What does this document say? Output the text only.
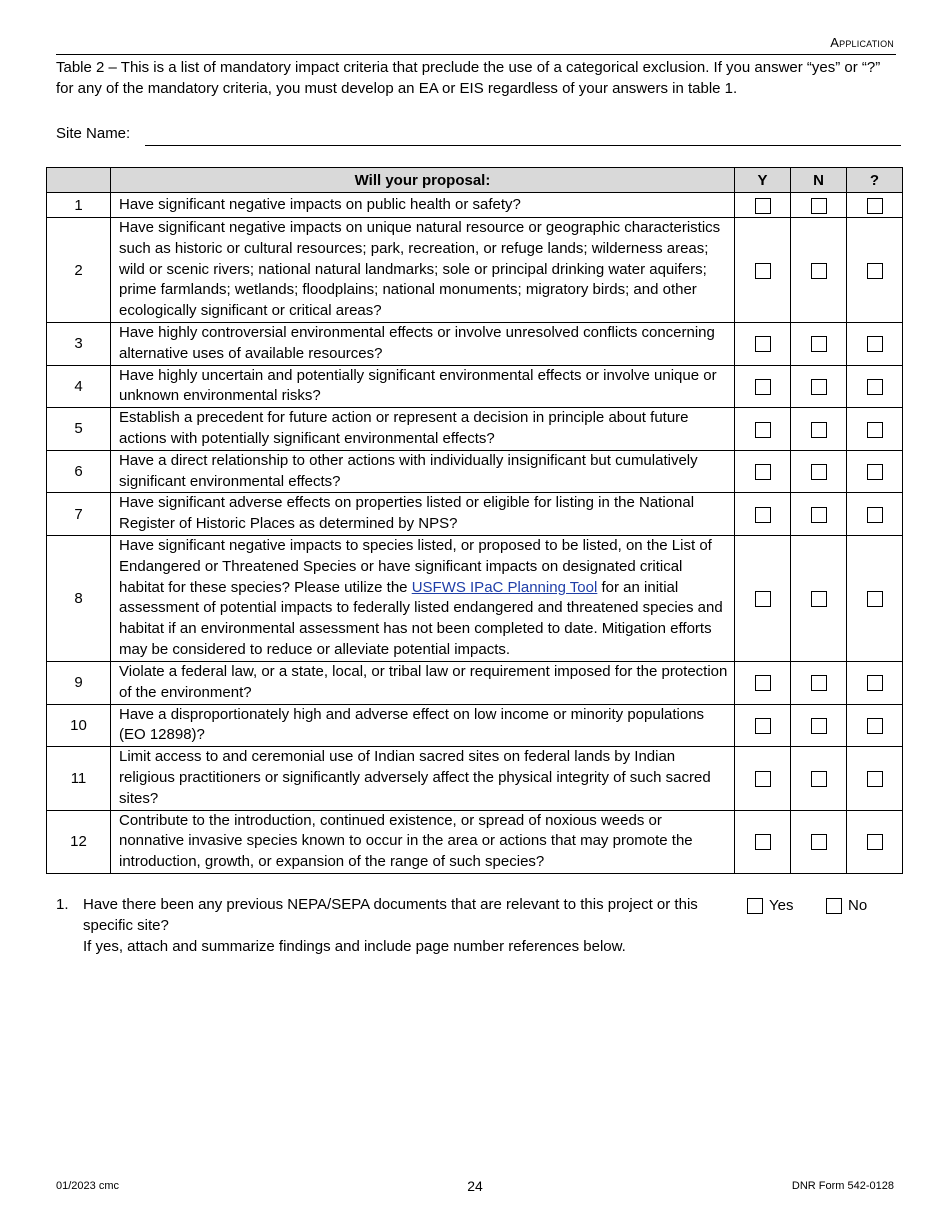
Application
Table 2 – This is a list of mandatory impact criteria that preclude the use of a categorical exclusion. If you answer “yes” or “?” for any of the mandatory criteria, you must develop an EA or EIS regardless of your answers in table 1.
Site Name:
	Will your proposal:	Y	N	?
1	Have significant negative impacts on public health or safety?			
2	Have significant negative impacts on unique natural resource or geographic characteristics such as historic or cultural resources; park, recreation, or refuge lands; wilderness areas; wild or scenic rivers; national natural landmarks; sole or principal drinking water aquifers; prime farmlands; wetlands; floodplains; national monuments; migratory birds; and other ecologically significant or critical areas?			
3	Have highly controversial environmental effects or involve unresolved conflicts concerning alternative uses of available resources?			
4	Have highly uncertain and potentially significant environmental effects or involve unique or unknown environmental risks?			
5	Establish a precedent for future action or represent a decision in principle about future actions with potentially significant environmental effects?			
6	Have a direct relationship to other actions with individually insignificant but cumulatively significant environmental effects?			
7	Have significant adverse effects on properties listed or eligible for listing in the National Register of Historic Places as determined by NPS?			
8	Have significant negative impacts to species listed, or proposed to be listed, on the List of Endangered or Threatened Species or have significant impacts on designated critical habitat for these species? Please utilize the USFWS IPaC Planning Tool for an initial assessment of potential impacts to federally listed endangered and threatened species and habitat if an environmental assessment has not been completed to date. Mitigation efforts may be considered to reduce or alleviate potential impacts.			
9	Violate a federal law, or a state, local, or tribal law or requirement imposed for the protection of the environment?			
10	Have a disproportionately high and adverse effect on low income or minority populations (EO 12898)?			
11	Limit access to and ceremonial use of Indian sacred sites on federal lands by Indian religious practitioners or significantly adversely affect the physical integrity of such sacred sites?			
12	Contribute to the introduction, continued existence, or spread of noxious weeds or nonnative invasive species known to occur in the area or actions that may promote the introduction, growth, or expansion of the range of such species?			
1. Have there been any previous NEPA/SEPA documents that are relevant to this project or this specific site?
If yes, attach and summarize findings and include page number references below.
Yes	No
01/2023 cmc	24	DNR Form 542-0128
